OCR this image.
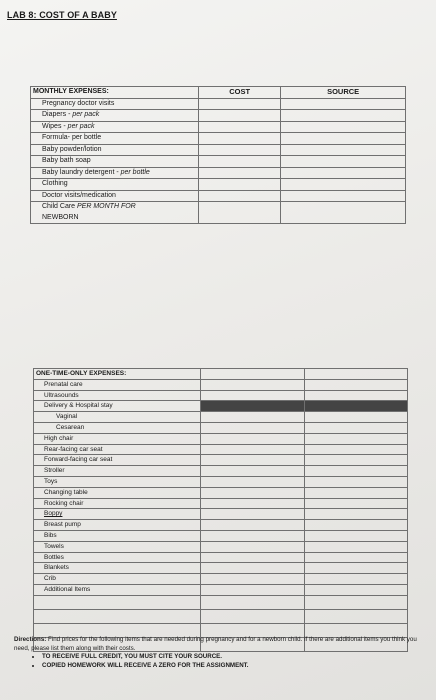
LAB 8: COST OF A BABY
MONTHLY EXPENSES:	COST	SOURCE
Pregnancy doctor visits		
Diapers - per pack		
Wipes - per pack		
Formula- per bottle		
Baby powder/lotion		
Baby bath soap		
Baby laundry detergent - per bottle		
Clothing		
Doctor visits/medication		
Child Care PER MONTH FOR
NEWBORN		
ONE-TIME-ONLY EXPENSES:		
Prenatal care		
Ultrasounds		
Delivery & Hospital stay		
Vaginal		
Cesarean		
High chair		
Rear-facing car seat		
Forward-facing car seat		
Stroller		
Toys		
Changing table		
Rocking chair		
Boppy		
Breast pump		
Bibs		
Towels		
Bottles		
Blankets		
Crib		
Additional Items		

Directions: Find prices for the following items that are needed during pregnancy and for a newborn child. If there are additional items you think you need, please list them along with their costs.
• TO RECEIVE FULL CREDIT, YOU MUST CITE YOUR SOURCE.
• COPIED HOMEWORK WILL RECEIVE A ZERO FOR THE ASSIGNMENT.
